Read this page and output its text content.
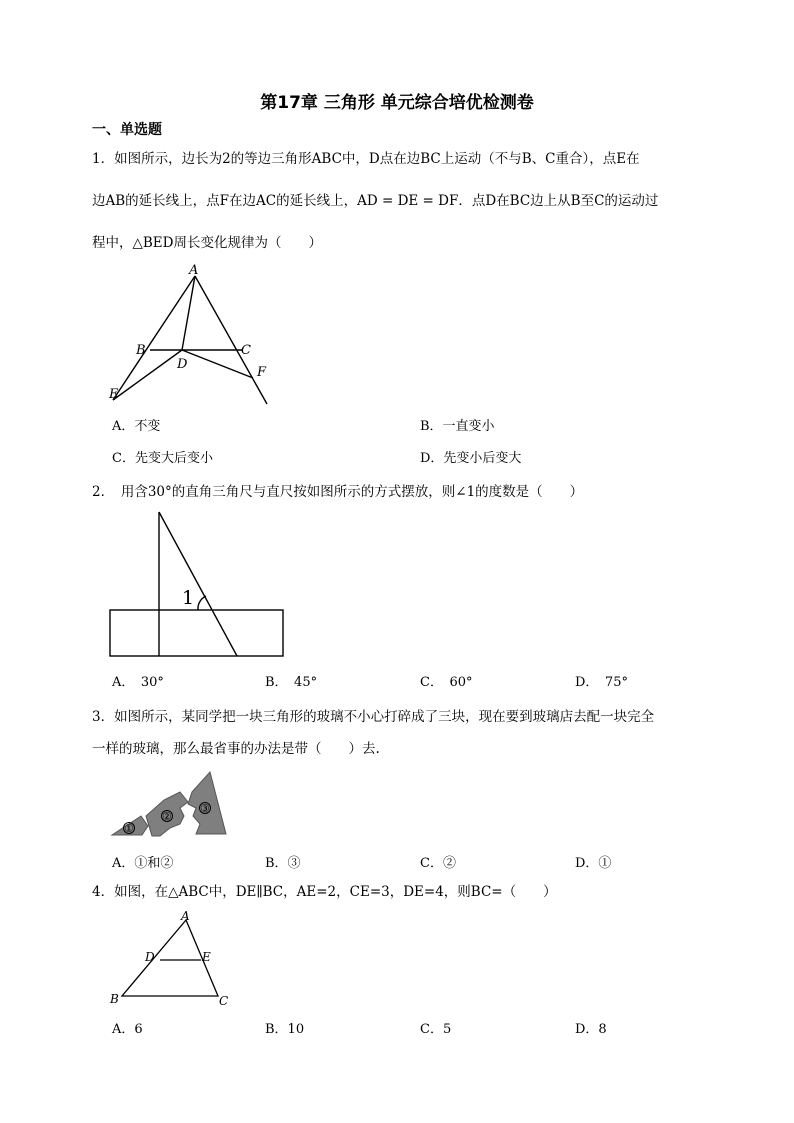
第17章 三角形 单元综合培优检测卷
一、单选题
1．如图所示，边长为2的等边三角形ABC中，D点在边BC上运动（不与B、C重合），点E在
边AB的延长线上，点F在边AC的延长线上，AD = DE = DF．点D在BC边上从B至C的运动过
程中，△BED周长变化规律为（　　）
A
B	C
D
E
F
A．不变	B．一直变小
C．先变大后变小	D．先变小后变大
2．　用含30°的直角三角尺与直尺按如图所示的方式摆放，则∠1的度数是（　　）
1
A．　30°	B．　45°	C．　60°	D．　75°
3．如图所示，某同学把一块三角形的玻璃不小心打碎成了三块，现在要到玻璃店去配一块完全
一样的玻璃，那么最省事的办法是带（　　）去.
①
②
③
A．①和②	B．③	C．②	D．①
4．如图，在△ABC中，DE∥BC，AE=2，CE=3，DE=4，则BC=（　　）
A
D	E
B	C
A．6	B．10	C．5	D．8
